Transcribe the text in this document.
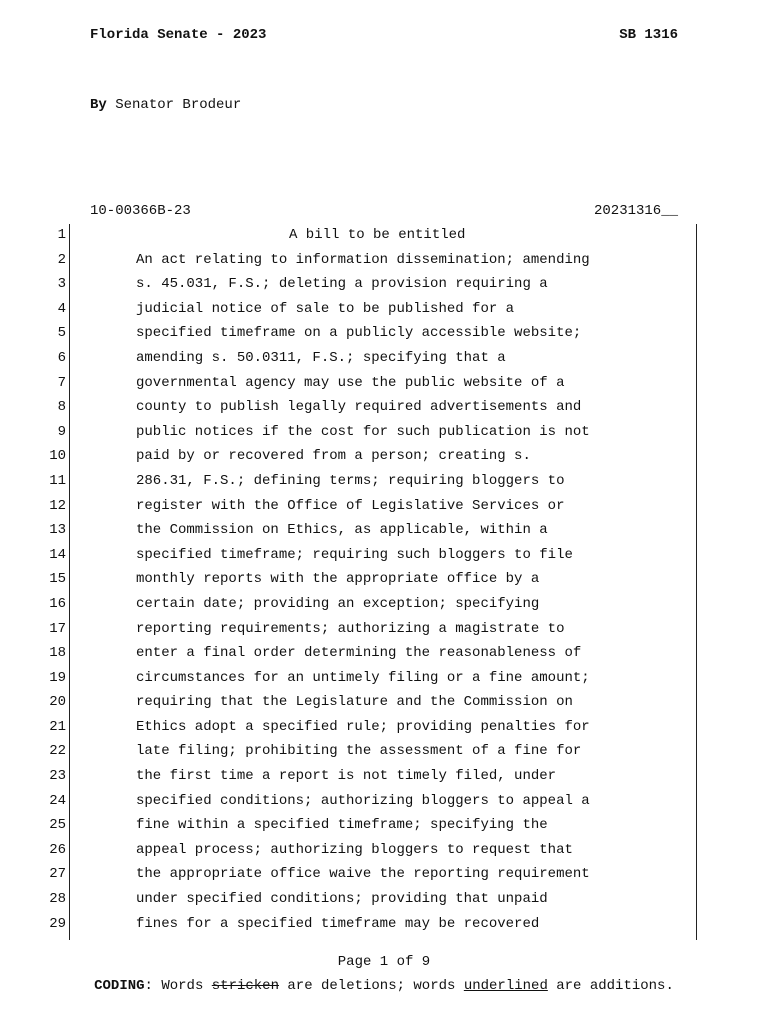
Florida Senate - 2023	SB 1316
By Senator Brodeur
10-00366B-23	20231316__
1	A bill to be entitled
2	An act relating to information dissemination; amending
3	s. 45.031, F.S.; deleting a provision requiring a
4	judicial notice of sale to be published for a
5	specified timeframe on a publicly accessible website;
6	amending s. 50.0311, F.S.; specifying that a
7	governmental agency may use the public website of a
8	county to publish legally required advertisements and
9	public notices if the cost for such publication is not
10	paid by or recovered from a person; creating s.
11	286.31, F.S.; defining terms; requiring bloggers to
12	register with the Office of Legislative Services or
13	the Commission on Ethics, as applicable, within a
14	specified timeframe; requiring such bloggers to file
15	monthly reports with the appropriate office by a
16	certain date; providing an exception; specifying
17	reporting requirements; authorizing a magistrate to
18	enter a final order determining the reasonableness of
19	circumstances for an untimely filing or a fine amount;
20	requiring that the Legislature and the Commission on
21	Ethics adopt a specified rule; providing penalties for
22	late filing; prohibiting the assessment of a fine for
23	the first time a report is not timely filed, under
24	specified conditions; authorizing bloggers to appeal a
25	fine within a specified timeframe; specifying the
26	appeal process; authorizing bloggers to request that
27	the appropriate office waive the reporting requirement
28	under specified conditions; providing that unpaid
29	fines for a specified timeframe may be recovered
Page 1 of 9
CODING: Words stricken are deletions; words underlined are additions.
